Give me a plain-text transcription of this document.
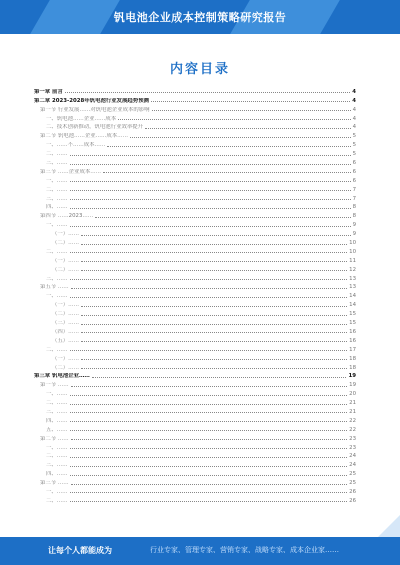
钒电池企业成本控制策略研究报告
内容目录
第一章 前言	4
第二章 2023-2028年钒电池行业发展趋势预测	4
第一节 行业发展……对钒电池企业成本的影响	4
一、钒电池……企业……成本	4
二、技术创新推动，钒电池行业效率提升	4
第二节 钒电池……企业……成本……	5
一、……不……成本……	5
二、……	5
三、……	6
第三节 ……企业成本……	6
一、……	6
二、……	7
三、……	7
四、……	8
第四节 ……2023……	8
一、……	9
（一）……	9
（二）……	10
二、……	10
（一）……	11
（二）……	12
三、……	13
第五节 ……	13
一、……	14
（一）……	14
（二）……	15
（三）……	15
（四）……	16
（五）……	16
二、……	17
（一）……	18
（二）……	18
第三章 钒电池企业……	19
第一节 ……	19
一、……	20
二、……	21
三、……	21
四、……	22
五、……	22
第二节 ……	23
一、……	23
二、……	24
三、……	24
四、……	25
第三节 ……	25
一、……	26
二、……	26
让每个人都能成为	行业专家、管理专家、营销专家、战略专家、成本企业家……
